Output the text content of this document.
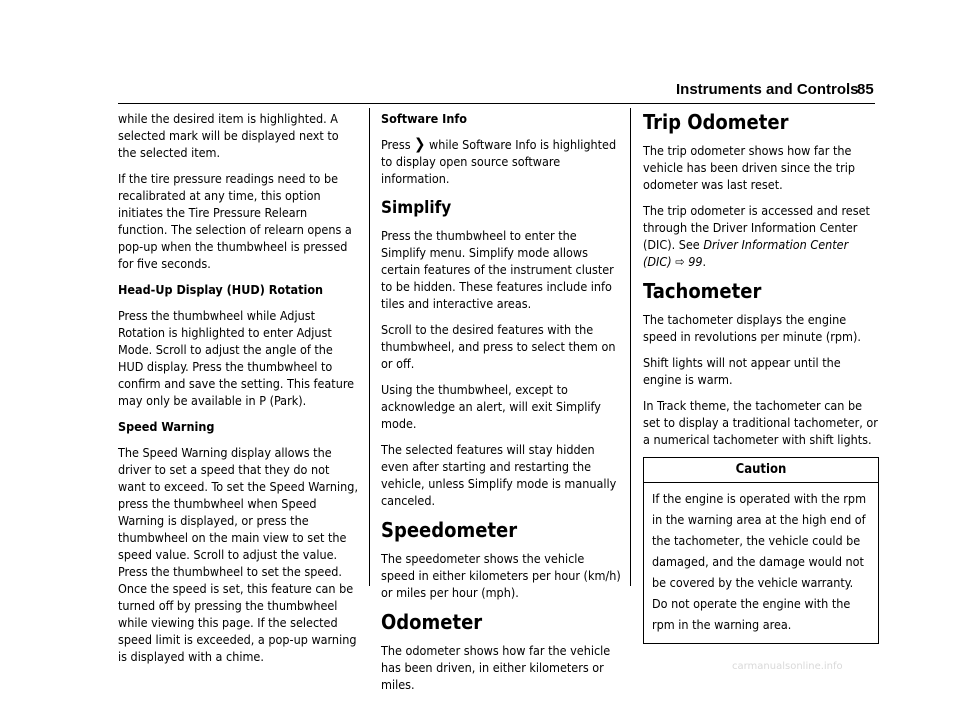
Instruments and Controls
85

while the desired item is highlighted. A selected mark will be displayed next to the selected item.

If the tire pressure readings need to be recalibrated at any time, this option initiates the Tire Pressure Relearn function. The selection of relearn opens a pop-up when the thumbwheel is pressed for five seconds.

Head-Up Display (HUD) Rotation

Press the thumbwheel while Adjust Rotation is highlighted to enter Adjust Mode. Scroll to adjust the angle of the HUD display. Press the thumbwheel to confirm and save the setting. This feature may only be available in P (Park).

Speed Warning

The Speed Warning display allows the driver to set a speed that they do not want to exceed. To set the Speed Warning, press the thumbwheel when Speed Warning is displayed, or press the thumbwheel on the main view to set the speed value. Scroll to adjust the value. Press the thumbwheel to set the speed. Once the speed is set, this feature can be turned off by pressing the thumbwheel while viewing this page. If the selected speed limit is exceeded, a pop-up warning is displayed with a chime.

Software Info

Press ❯ while Software Info is highlighted to display open source software information.

Simplify

Press the thumbwheel to enter the Simplify menu. Simplify mode allows certain features of the instrument cluster to be hidden. These features include info tiles and interactive areas.

Scroll to the desired features with the thumbwheel, and press to select them on or off.

Using the thumbwheel, except to acknowledge an alert, will exit Simplify mode.

The selected features will stay hidden even after starting and restarting the vehicle, unless Simplify mode is manually canceled.

Speedometer

The speedometer shows the vehicle speed in either kilometers per hour (km/h) or miles per hour (mph).

Odometer

The odometer shows how far the vehicle has been driven, in either kilometers or miles.

Trip Odometer

The trip odometer shows how far the vehicle has been driven since the trip odometer was last reset.

The trip odometer is accessed and reset through the Driver Information Center (DIC). See Driver Information Center (DIC) ⇨ 99.

Tachometer

The tachometer displays the engine speed in revolutions per minute (rpm).

Shift lights will not appear until the engine is warm.

In Track theme, the tachometer can be set to display a traditional tachometer, or a numerical tachometer with shift lights.

Caution
If the engine is operated with the rpm in the warning area at the high end of the tachometer, the vehicle could be damaged, and the damage would not be covered by the vehicle warranty. Do not operate the engine with the rpm in the warning area.
carmanualsonline.info
